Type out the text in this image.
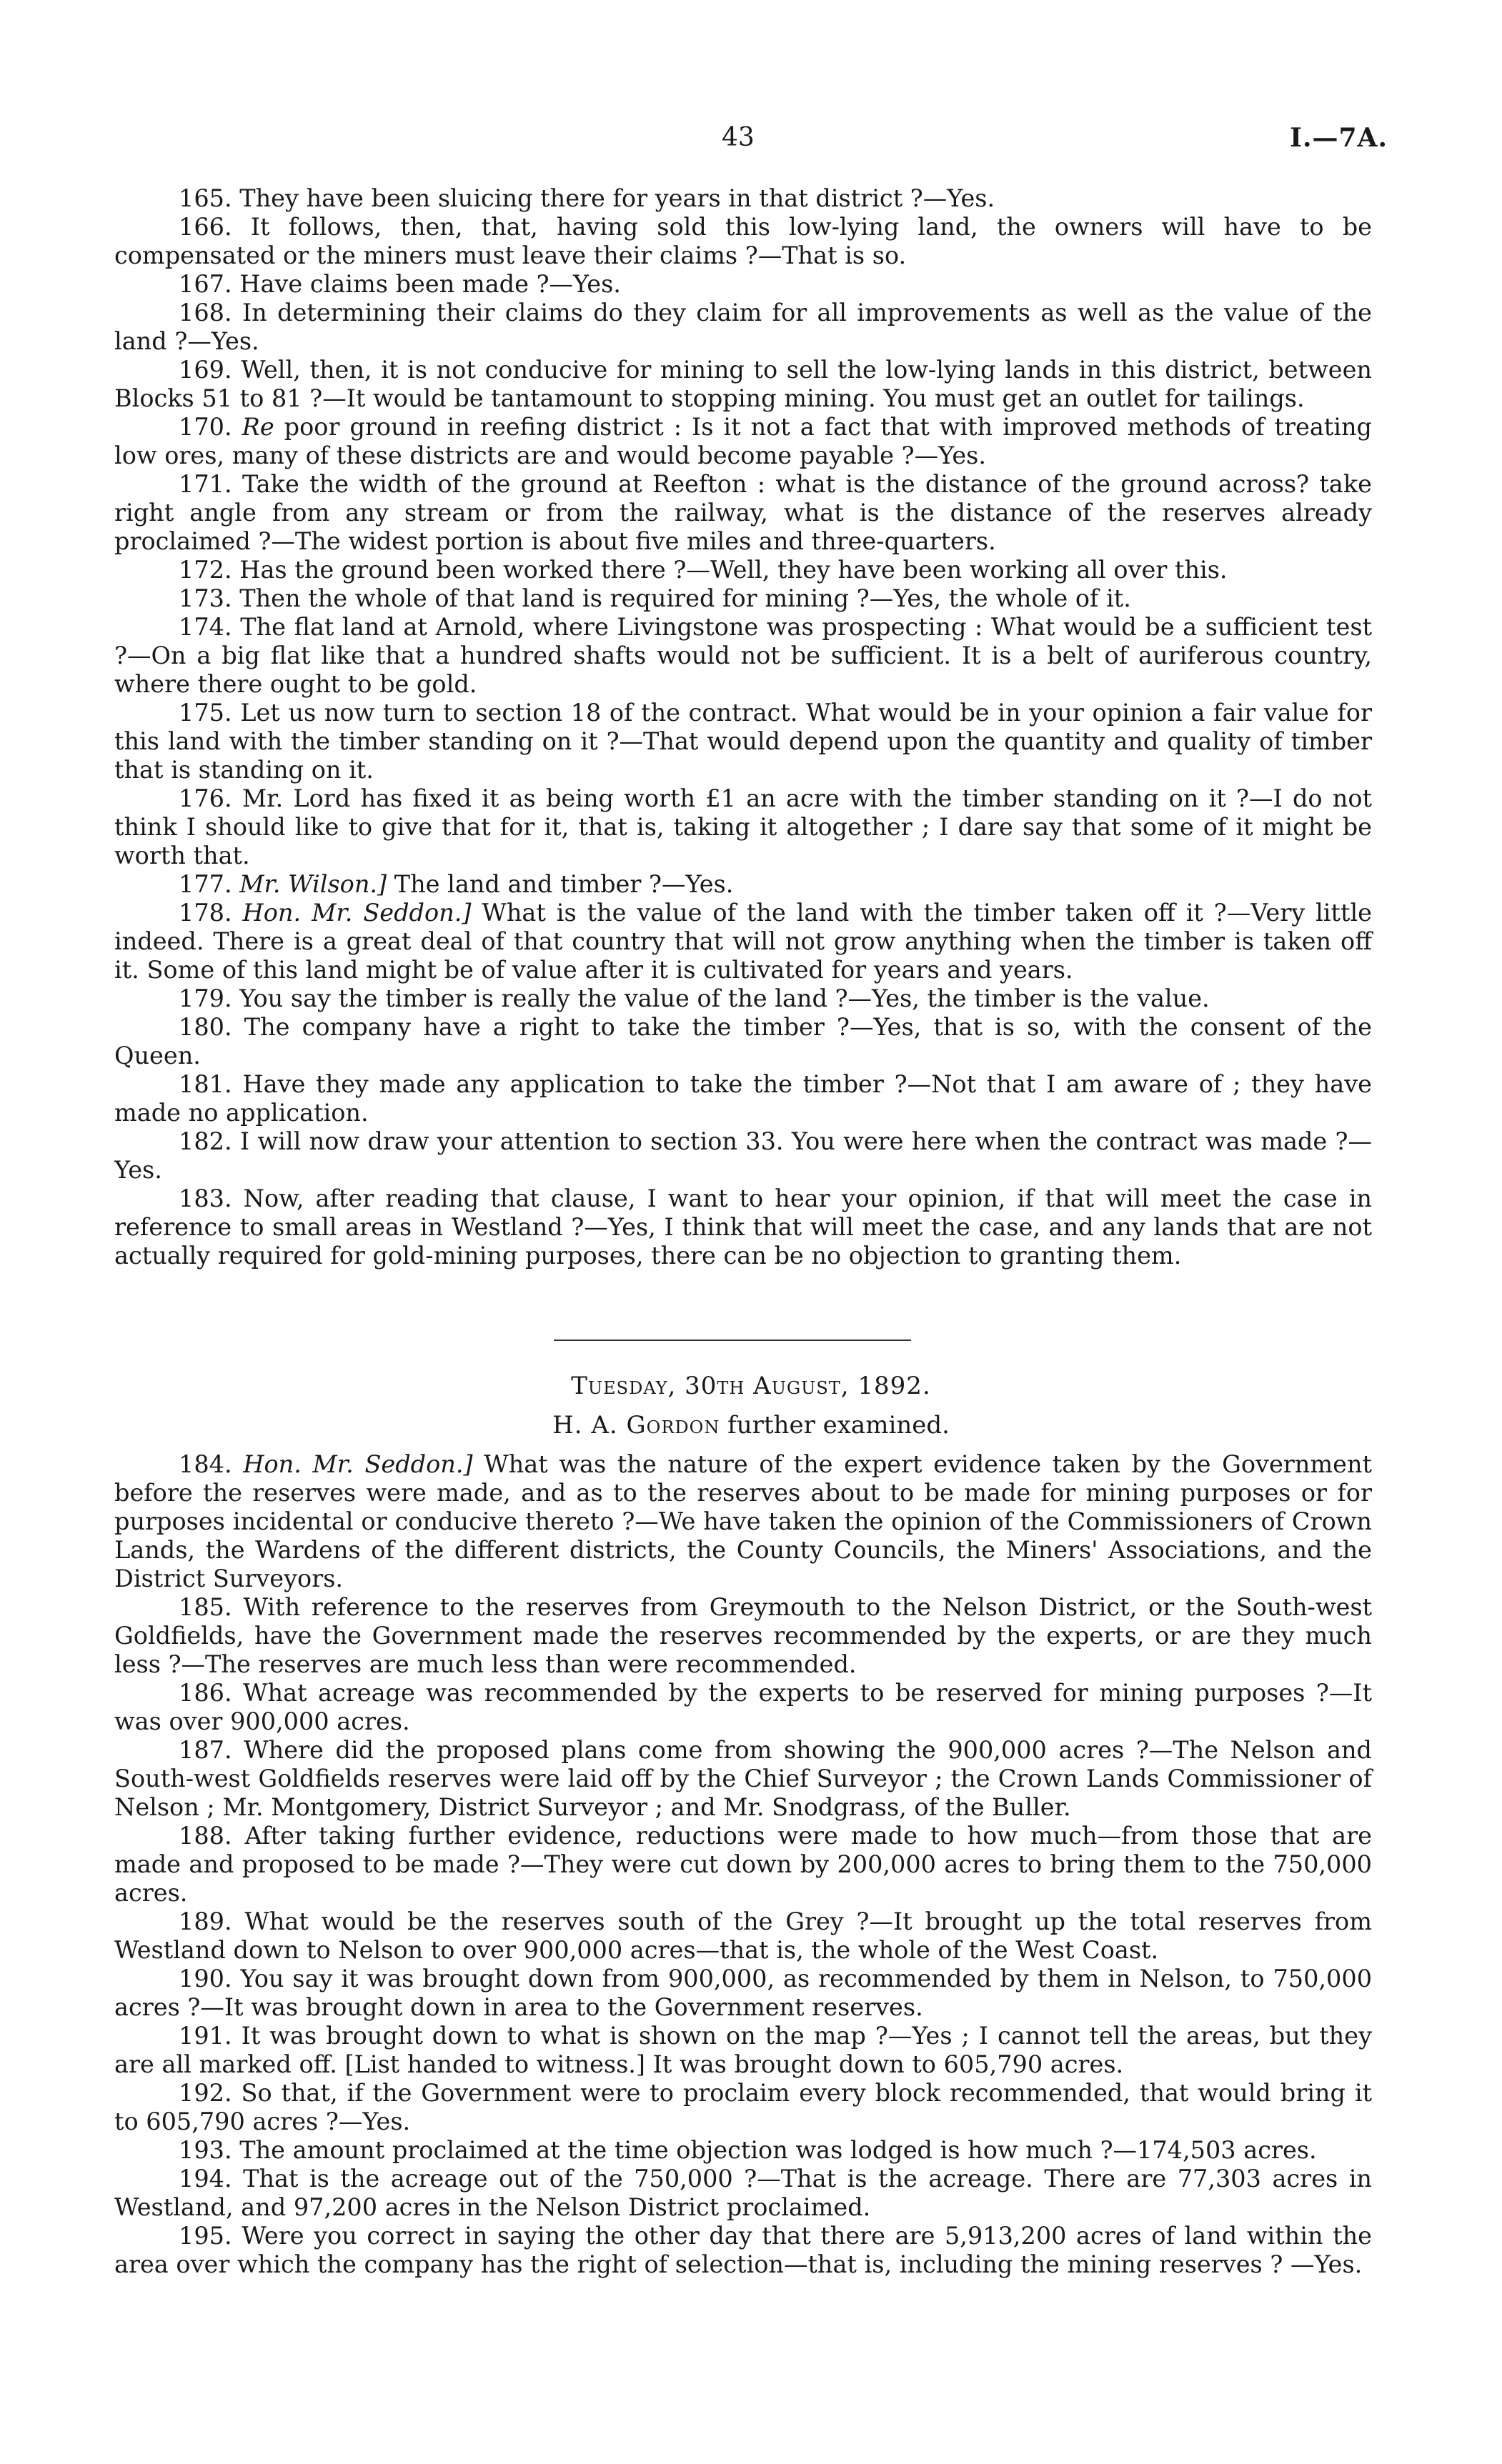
43	I.—7A.

165. They have been sluicing there for years in that district ?—Yes.

166. It follows, then, that, having sold this low-lying land, the owners will have to be compensated or the miners must leave their claims ?—That is so.

167. Have claims been made ?—Yes.

168. In determining their claims do they claim for all improvements as well as the value of the land ?—Yes.

169. Well, then, it is not conducive for mining to sell the low-lying lands in this district, between Blocks 51 to 81 ?—It would be tantamount to stopping mining. You must get an outlet for tailings.

170. Re poor ground in reefing district : Is it not a fact that with improved methods of treating low ores, many of these districts are and would become payable ?—Yes.

171. Take the width of the ground at Reefton : what is the distance of the ground across? take right angle from any stream or from the railway, what is the distance of the reserves already proclaimed ?—The widest portion is about five miles and three-quarters.

172. Has the ground been worked there ?—Well, they have been working all over this.

173. Then the whole of that land is required for mining ?—Yes, the whole of it.

174. The flat land at Arnold, where Livingstone was prospecting : What would be a sufficient test ?—On a big flat like that a hundred shafts would not be sufficient. It is a belt of auriferous country, where there ought to be gold.

175. Let us now turn to section 18 of the contract. What would be in your opinion a fair value for this land with the timber standing on it ?—That would depend upon the quantity and quality of timber that is standing on it.

176. Mr. Lord has fixed it as being worth £1 an acre with the timber standing on it ?—I do not think I should like to give that for it, that is, taking it altogether ; I dare say that some of it might be worth that.

177. Mr. Wilson.] The land and timber ?—Yes.

178. Hon. Mr. Seddon.] What is the value of the land with the timber taken off it ?—Very little indeed. There is a great deal of that country that will not grow anything when the timber is taken off it. Some of this land might be of value after it is cultivated for years and years.

179. You say the timber is really the value of the land ?—Yes, the timber is the value.

180. The company have a right to take the timber ?—Yes, that is so, with the consent of the Queen.

181. Have they made any application to take the timber ?—Not that I am aware of ; they have made no application.

182. I will now draw your attention to section 33. You were here when the contract was made ?—Yes.

183. Now, after reading that clause, I want to hear your opinion, if that will meet the case in reference to small areas in Westland ?—Yes, I think that will meet the case, and any lands that are not actually required for gold-mining purposes, there can be no objection to granting them.

Tuesday, 30th August, 1892.
H. A. Gordon further examined.

184. Hon. Mr. Seddon.] What was the nature of the expert evidence taken by the Government before the reserves were made, and as to the reserves about to be made for mining purposes or for purposes incidental or conducive thereto ?—We have taken the opinion of the Commissioners of Crown Lands, the Wardens of the different districts, the County Councils, the Miners' Associations, and the District Surveyors.

185. With reference to the reserves from Greymouth to the Nelson District, or the South-west Goldfields, have the Government made the reserves recommended by the experts, or are they much less ?—The reserves are much less than were recommended.

186. What acreage was recommended by the experts to be reserved for mining purposes ?—It was over 900,000 acres.

187. Where did the proposed plans come from showing the 900,000 acres ?—The Nelson and South-west Goldfields reserves were laid off by the Chief Surveyor ; the Crown Lands Commissioner of Nelson ; Mr. Montgomery, District Surveyor ; and Mr. Snodgrass, of the Buller.

188. After taking further evidence, reductions were made to how much—from those that are made and proposed to be made ?—They were cut down by 200,000 acres to bring them to the 750,000 acres.

189. What would be the reserves south of the Grey ?—It brought up the total reserves from Westland down to Nelson to over 900,000 acres—that is, the whole of the West Coast.

190. You say it was brought down from 900,000, as recommended by them in Nelson, to 750,000 acres ?—It was brought down in area to the Government reserves.

191. It was brought down to what is shown on the map ?—Yes ; I cannot tell the areas, but they are all marked off. [List handed to witness.] It was brought down to 605,790 acres.

192. So that, if the Government were to proclaim every block recommended, that would bring it to 605,790 acres ?—Yes.

193. The amount proclaimed at the time objection was lodged is how much ?—174,503 acres.

194. That is the acreage out of the 750,000 ?—That is the acreage. There are 77,303 acres in Westland, and 97,200 acres in the Nelson District proclaimed.

195. Were you correct in saying the other day that there are 5,913,200 acres of land within the area over which the company has the right of selection—that is, including the mining reserves ? —Yes.
